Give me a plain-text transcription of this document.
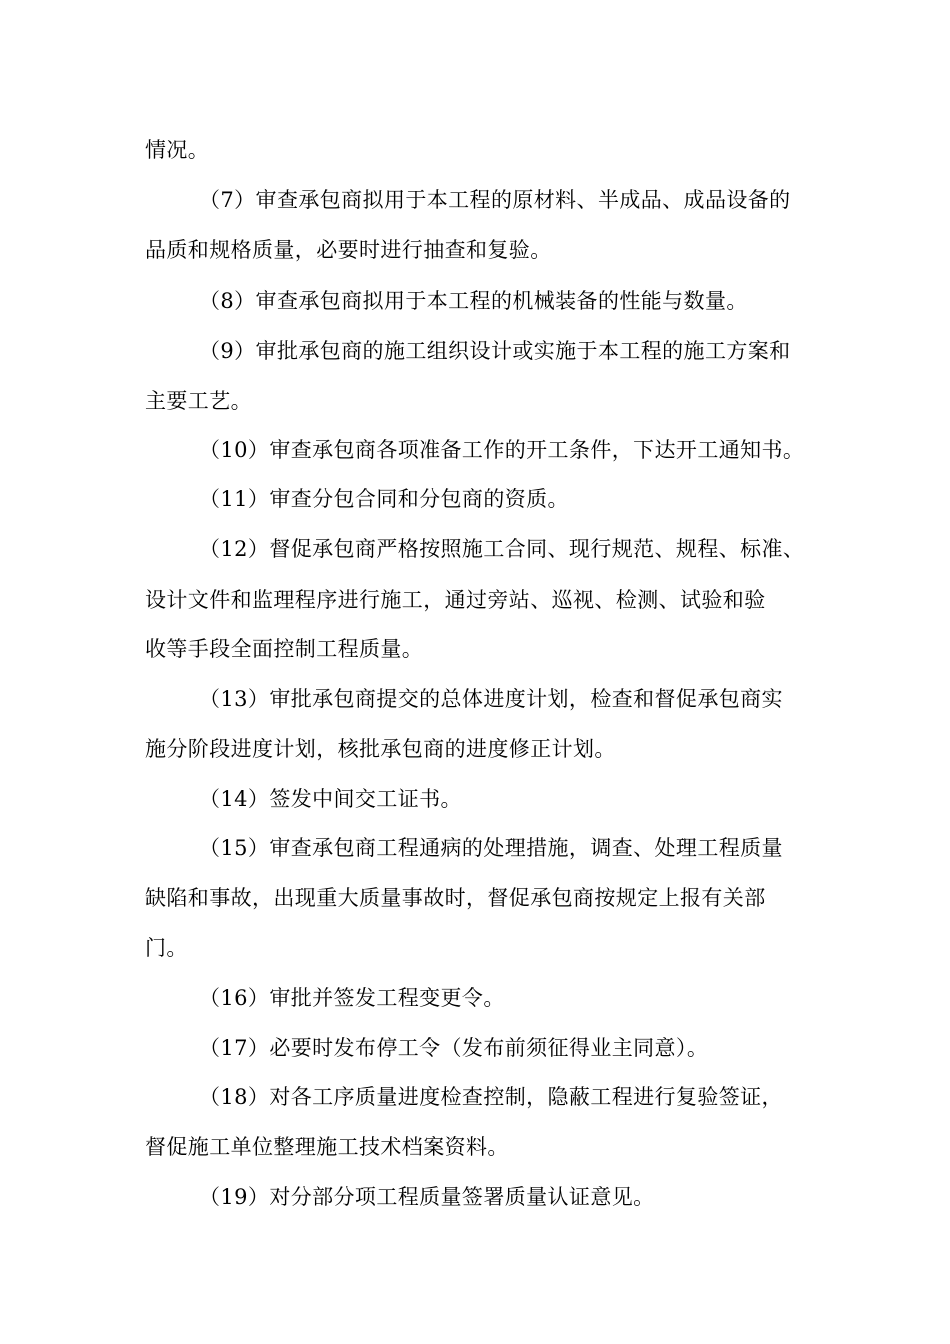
情况。
（7）审查承包商拟用于本工程的原材料、半成品、成品设备的
品质和规格质量，必要时进行抽查和复验。
（8）审查承包商拟用于本工程的机械装备的性能与数量。
（9）审批承包商的施工组织设计或实施于本工程的施工方案和
主要工艺。
（10）审查承包商各项准备工作的开工条件，下达开工通知书。
（11）审查分包合同和分包商的资质。
（12）督促承包商严格按照施工合同、现行规范、规程、标准、
设计文件和监理程序进行施工，通过旁站、巡视、检测、试验和验
收等手段全面控制工程质量。
（13）审批承包商提交的总体进度计划，检查和督促承包商实
施分阶段进度计划，核批承包商的进度修正计划。
（14）签发中间交工证书。
（15）审查承包商工程通病的处理措施，调查、处理工程质量
缺陷和事故，出现重大质量事故时，督促承包商按规定上报有关部
门。
（16）审批并签发工程变更令。
（17）必要时发布停工令（发布前须征得业主同意）。
（18）对各工序质量进度检查控制，隐蔽工程进行复验签证，
督促施工单位整理施工技术档案资料。
（19）对分部分项工程质量签署质量认证意见。
